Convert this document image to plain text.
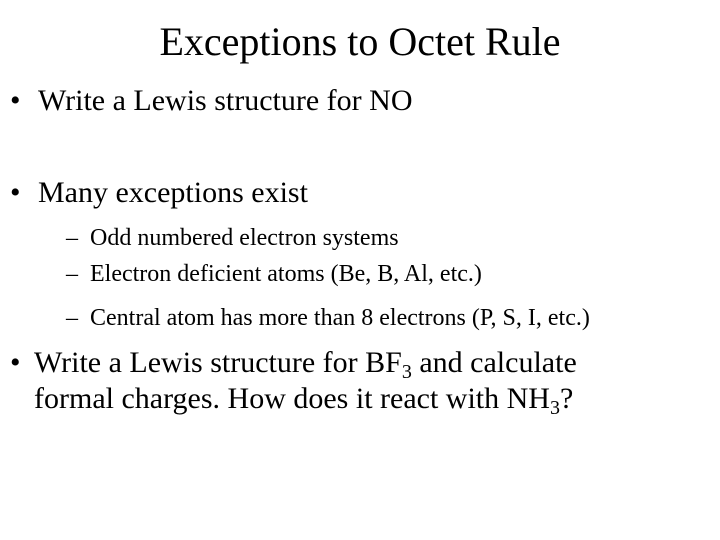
Exceptions to Octet Rule
• Write a Lewis structure for NO
• Many exceptions exist
– Odd numbered electron systems
– Electron deficient atoms (Be, B, Al, etc.)
– Central atom has more than 8 electrons (P, S, I, etc.)
• Write a Lewis structure for $BF_3$ and calculate
formal charges. How does it react with $NH_3$?
